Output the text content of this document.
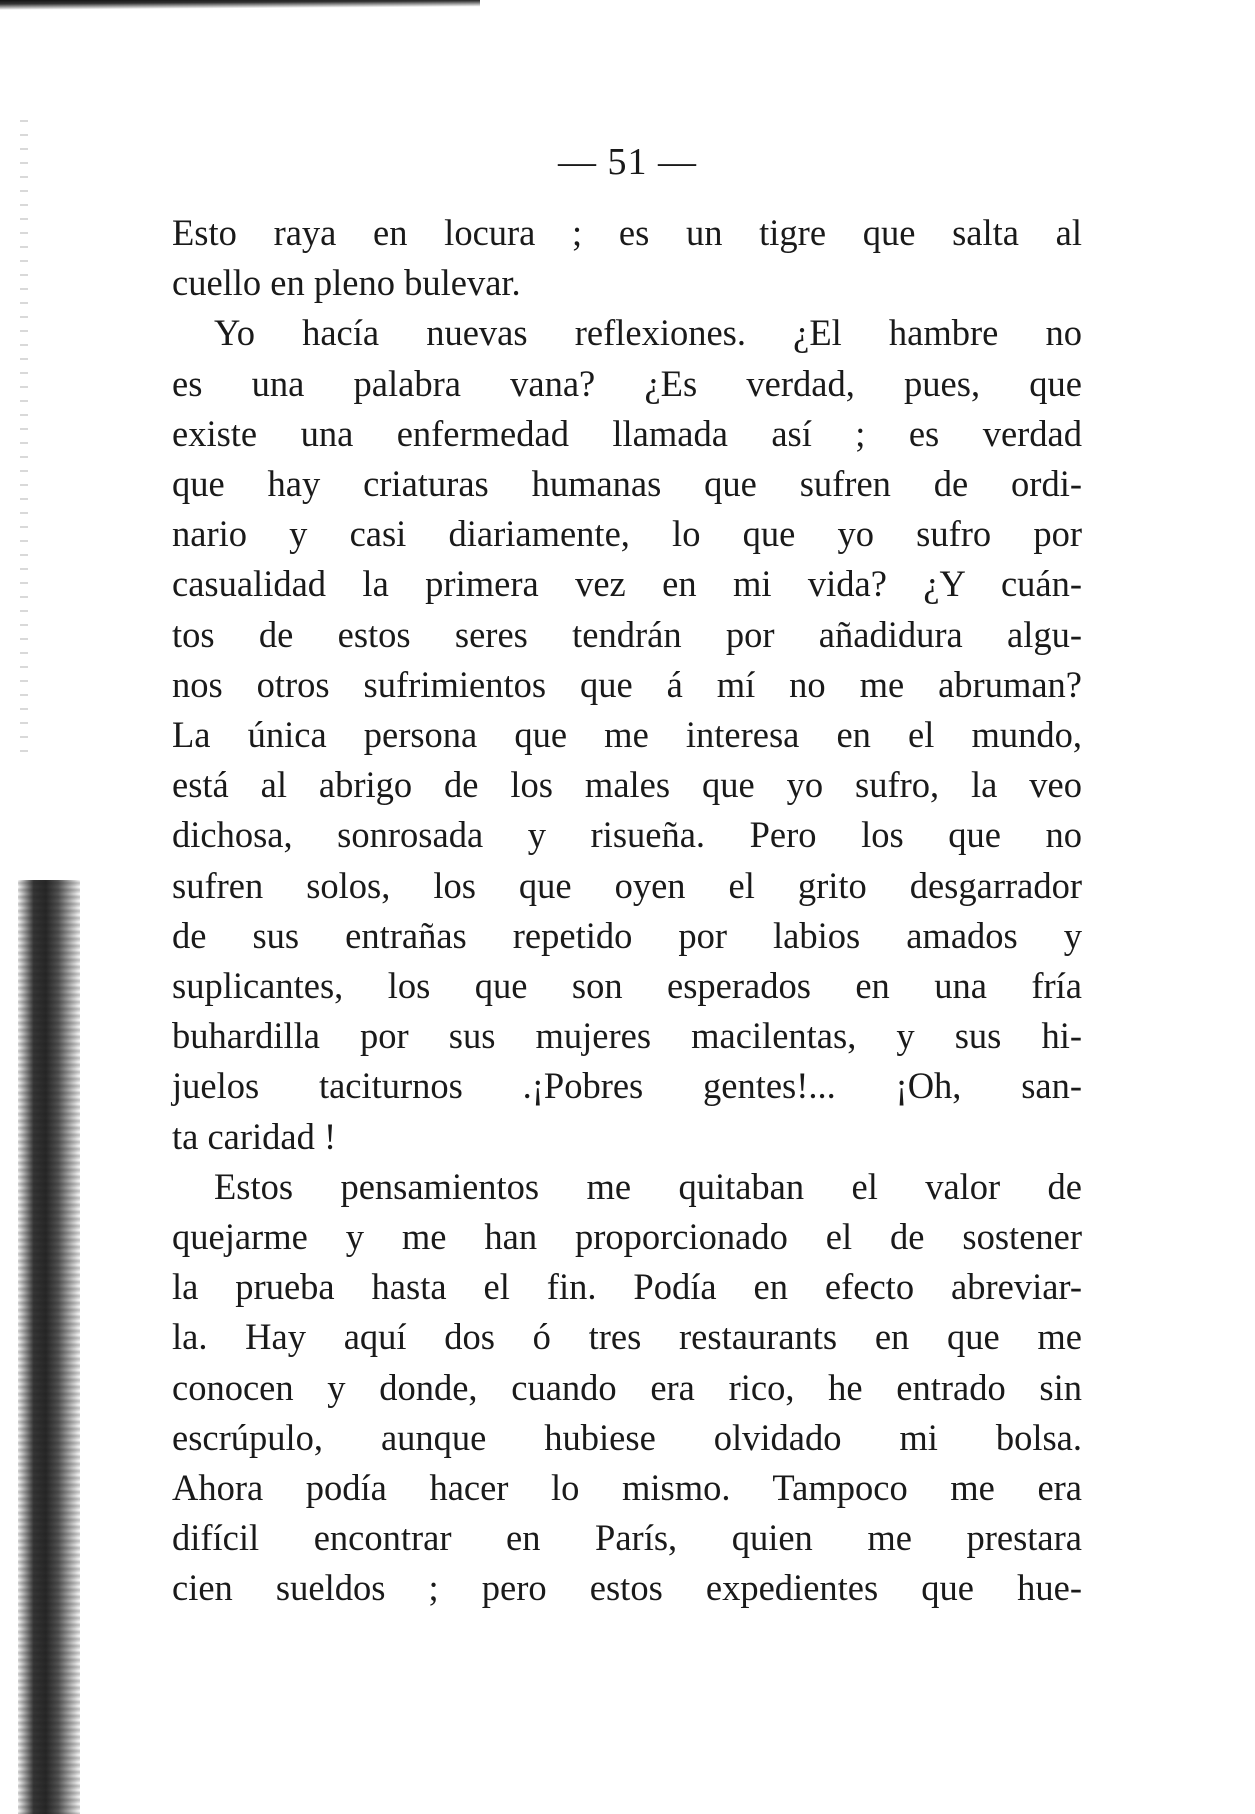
— 51 —
Esto raya en locura ; es un tigre que salta al
cuello en pleno bulevar.
Yo hacía nuevas reflexiones. ¿El hambre no
es una palabra vana? ¿Es verdad, pues, que
existe una enfermedad llamada así ; es verdad
que hay criaturas humanas que sufren de ordi-
nario y casi diariamente, lo que yo sufro por
casualidad la primera vez en mi vida? ¿Y cuán-
tos de estos seres tendrán por añadidura algu-
nos otros sufrimientos que á mí no me abruman?
La única persona que me interesa en el mundo,
está al abrigo de los males que yo sufro, la veo
dichosa, sonrosada y risueña. Pero los que no
sufren solos, los que oyen el grito desgarrador
de sus entrañas repetido por labios amados y
suplicantes, los que son esperados en una fría
buhardilla por sus mujeres macilentas, y sus hi-
juelos taciturnos .¡Pobres gentes!... ¡Oh, san-
ta caridad !
Estos pensamientos me quitaban el valor de
quejarme y me han proporcionado el de sostener
la prueba hasta el fin. Podía en efecto abreviar-
la. Hay aquí dos ó tres restaurants en que me
conocen y donde, cuando era rico, he entrado sin
escrúpulo, aunque hubiese olvidado mi bolsa.
Ahora podía hacer lo mismo. Tampoco me era
difícil encontrar en París, quien me prestara
cien sueldos ; pero estos expedientes que hue-
